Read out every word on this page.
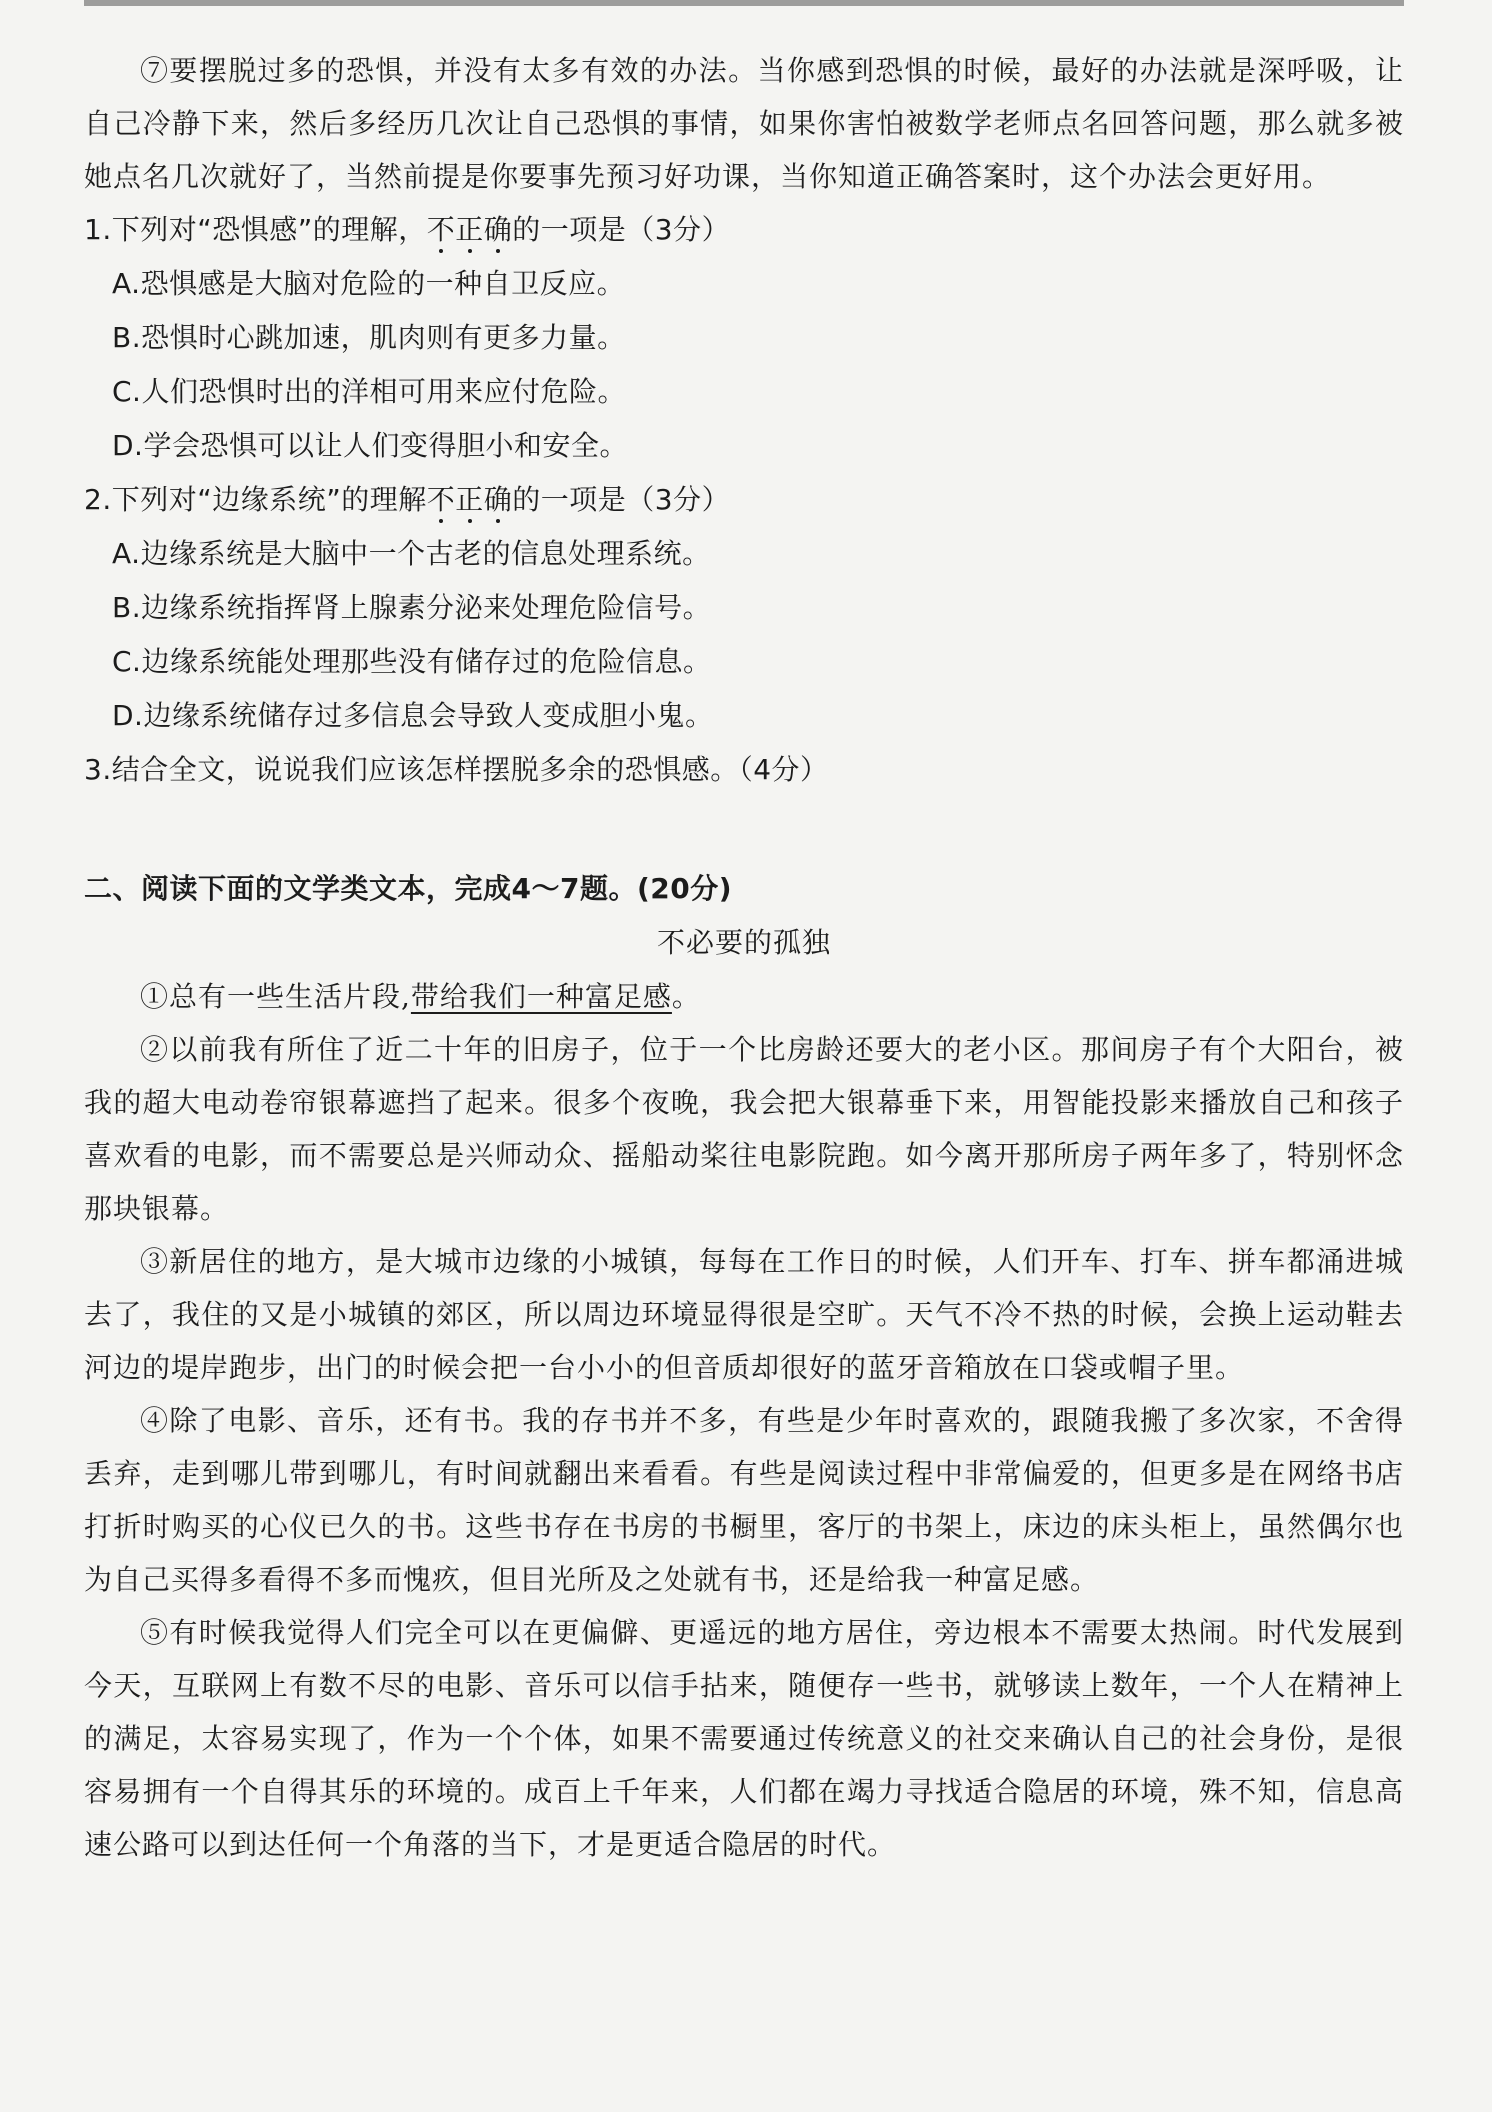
⑦要摆脱过多的恐惧，并没有太多有效的办法。当你感到恐惧的时候，最好的办法就是深呼吸，让自己冷静下来，然后多经历几次让自己恐惧的事情，如果你害怕被数学老师点名回答问题，那么就多被她点名几次就好了，当然前提是你要事先预习好功课，当你知道正确答案时，这个办法会更好用。

1.下列对“恐惧感”的理解，不正确的一项是（3分）

A.恐惧感是大脑对危险的一种自卫反应。

B.恐惧时心跳加速，肌肉则有更多力量。

C.人们恐惧时出的洋相可用来应付危险。

D.学会恐惧可以让人们变得胆小和安全。

2.下列对“边缘系统”的理解不正确的一项是（3分）

A.边缘系统是大脑中一个古老的信息处理系统。

B.边缘系统指挥肾上腺素分泌来处理危险信号。

C.边缘系统能处理那些没有储存过的危险信息。

D.边缘系统储存过多信息会导致人变成胆小鬼。

3.结合全文，说说我们应该怎样摆脱多余的恐惧感。（4分）

二、阅读下面的文学类文本，完成4～7题。(20分)

不必要的孤独

①总有一些生活片段,带给我们一种富足感。

②以前我有所住了近二十年的旧房子，位于一个比房龄还要大的老小区。那间房子有个大阳台，被我的超大电动卷帘银幕遮挡了起来。很多个夜晚，我会把大银幕垂下来，用智能投影来播放自己和孩子喜欢看的电影，而不需要总是兴师动众、摇船动桨往电影院跑。如今离开那所房子两年多了，特别怀念那块银幕。

③新居住的地方，是大城市边缘的小城镇，每每在工作日的时候，人们开车、打车、拼车都涌进城去了，我住的又是小城镇的郊区，所以周边环境显得很是空旷。天气不冷不热的时候，会换上运动鞋去河边的堤岸跑步，出门的时候会把一台小小的但音质却很好的蓝牙音箱放在口袋或帽子里。

④除了电影、音乐，还有书。我的存书并不多，有些是少年时喜欢的，跟随我搬了多次家，不舍得丢弃，走到哪儿带到哪儿，有时间就翻出来看看。有些是阅读过程中非常偏爱的，但更多是在网络书店打折时购买的心仪已久的书。这些书存在书房的书橱里，客厅的书架上，床边的床头柜上，虽然偶尔也为自己买得多看得不多而愧疚，但目光所及之处就有书，还是给我一种富足感。

⑤有时候我觉得人们完全可以在更偏僻、更遥远的地方居住，旁边根本不需要太热闹。时代发展到今天，互联网上有数不尽的电影、音乐可以信手拈来，随便存一些书，就够读上数年，一个人在精神上的满足，太容易实现了，作为一个个体，如果不需要通过传统意义的社交来确认自己的社会身份，是很容易拥有一个自得其乐的环境的。成百上千年来，人们都在竭力寻找适合隐居的环境，殊不知，信息高速公路可以到达任何一个角落的当下，才是更适合隐居的时代。
